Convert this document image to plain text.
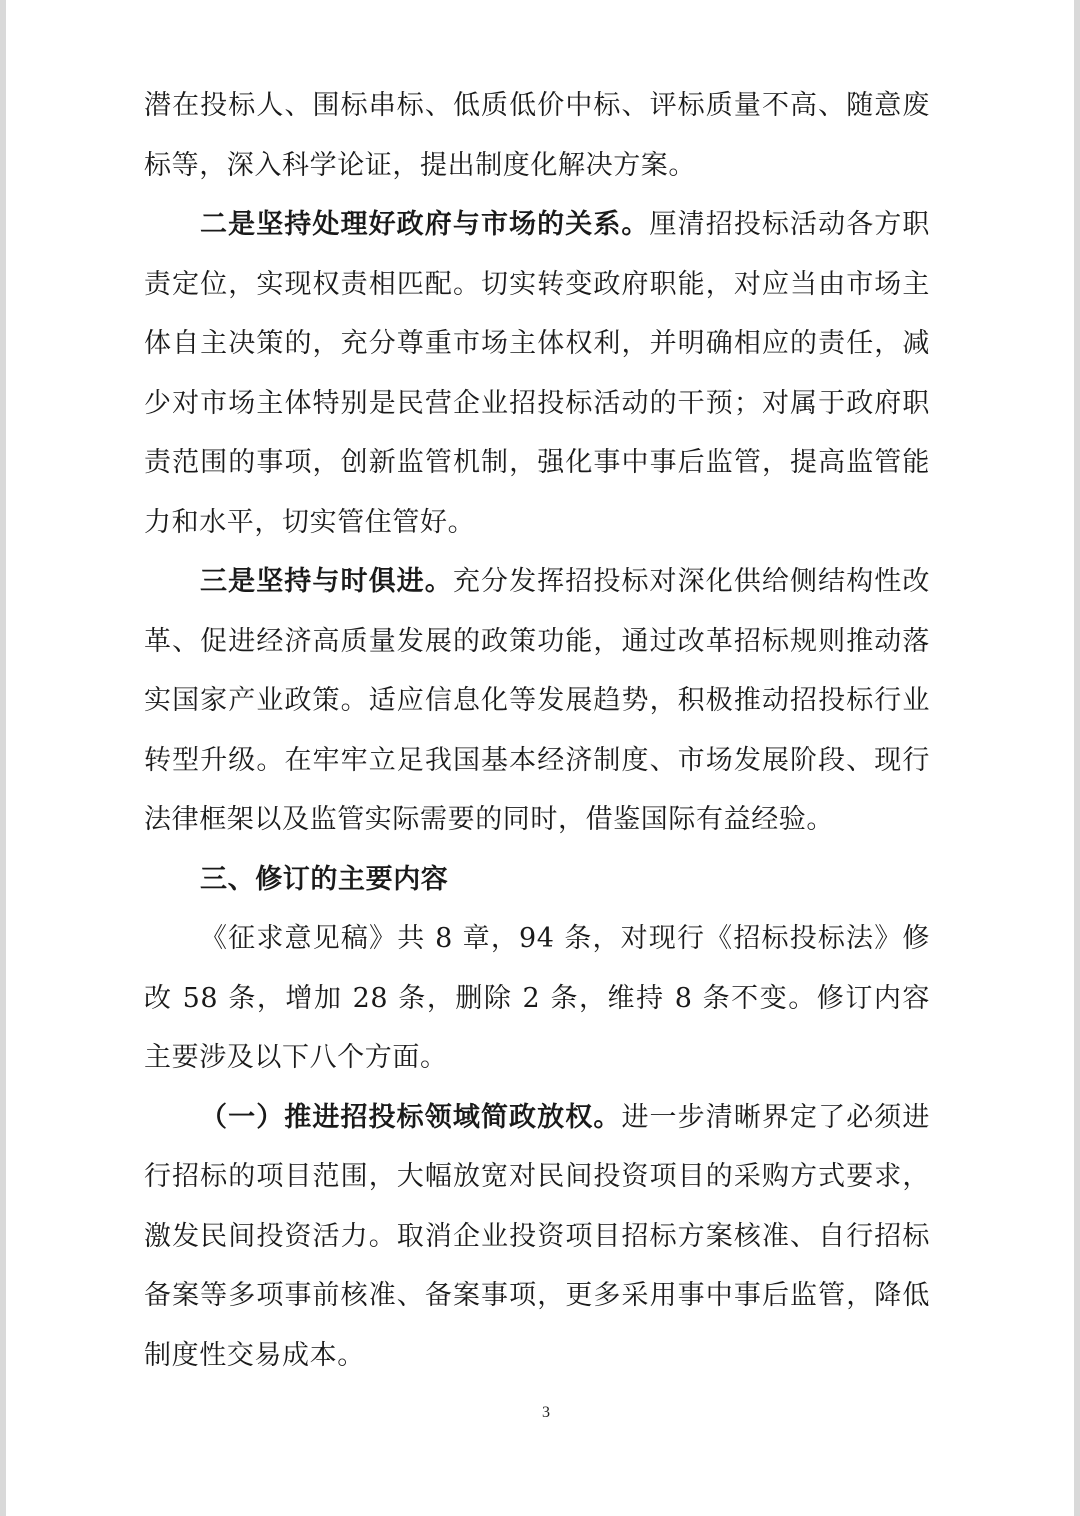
潜在投标人、围标串标、低质低价中标、评标质量不高、随意废标等，深入科学论证，提出制度化解决方案。

二是坚持处理好政府与市场的关系。厘清招投标活动各方职责定位，实现权责相匹配。切实转变政府职能，对应当由市场主体自主决策的，充分尊重市场主体权利，并明确相应的责任，减少对市场主体特别是民营企业招投标活动的干预；对属于政府职责范围的事项，创新监管机制，强化事中事后监管，提高监管能力和水平，切实管住管好。

三是坚持与时俱进。充分发挥招投标对深化供给侧结构性改革、促进经济高质量发展的政策功能，通过改革招标规则推动落实国家产业政策。适应信息化等发展趋势，积极推动招投标行业转型升级。在牢牢立足我国基本经济制度、市场发展阶段、现行法律框架以及监管实际需要的同时，借鉴国际有益经验。

三、修订的主要内容

《征求意见稿》共 8 章，94 条，对现行《招标投标法》修改 58 条，增加 28 条，删除 2 条，维持 8 条不变。修订内容主要涉及以下八个方面。

（一）推进招投标领域简政放权。进一步清晰界定了必须进行招标的项目范围，大幅放宽对民间投资项目的采购方式要求，激发民间投资活力。取消企业投资项目招标方案核准、自行招标备案等多项事前核准、备案事项，更多采用事中事后监管，降低制度性交易成本。

3
